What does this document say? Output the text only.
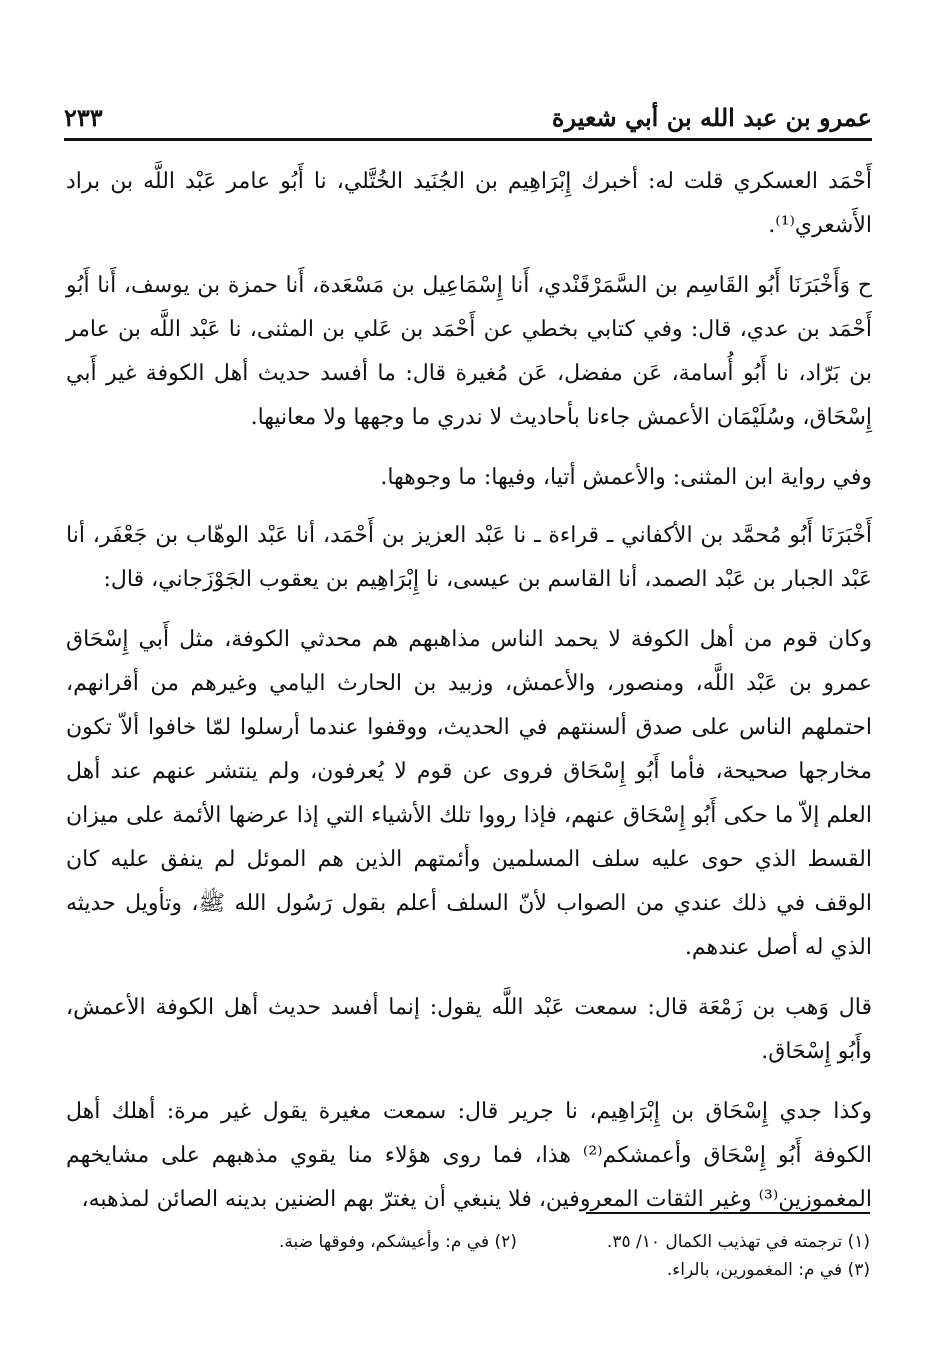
٢٣٣	عمرو بن عبد الله بن أبي شعيرة

أَحْمَد العسكري قلت له: أخبرك إِبْرَاهِيم بن الجُنَيد الخُتَّلي، نا أَبُو عامر عَبْد اللَّه بن براد الأَشعري⁽¹⁾.

ح وَأَخْبَرَنَا أَبُو القَاسِم بن السَّمَرْقَنْدي، أَنا إِسْمَاعِيل بن مَسْعَدة، أَنا حمزة بن يوسف، أَنا أَبُو أَحْمَد بن عدي، قال: وفي كتابي بخطي عن أَحْمَد بن عَلي بن المثنى، نا عَبْد اللَّه بن عامر بن بَرّاد، نا أَبُو أُسامة، عَن مفضل، عَن مُغيرة قال: ما أفسد حديث أهل الكوفة غير أَبي إِسْحَاق، وسُلَيْمَان الأعمش جاءنا بأحاديث لا ندري ما وجهها ولا معانيها.

وفي رواية ابن المثنى: والأعمش أتيا، وفيها: ما وجوهها.

أَخْبَرَنَا أَبُو مُحمَّد بن الأكفاني ـ قراءة ـ نا عَبْد العزيز بن أَحْمَد، أنا عَبْد الوهّاب بن جَعْفَر، أنا عَبْد الجبار بن عَبْد الصمد، أنا القاسم بن عيسى، نا إِبْرَاهِيم بن يعقوب الجَوْزَجاني، قال:

وكان قوم من أهل الكوفة لا يحمد الناس مذاهبهم هم محدثي الكوفة، مثل أَبي إِسْحَاق عمرو بن عَبْد اللَّه، ومنصور، والأعمش، وزبيد بن الحارث اليامي وغيرهم من أقرانهم، احتملهم الناس على صدق ألسنتهم في الحديث، ووقفوا عندما أرسلوا لمّا خافوا ألاّ تكون مخارجها صحيحة، فأما أَبُو إِسْحَاق فروى عن قوم لا يُعرفون، ولم ينتشر عنهم عند أهل العلم إلاّ ما حكى أَبُو إِسْحَاق عنهم، فإذا رووا تلك الأشياء التي إذا عرضها الأئمة على ميزان القسط الذي حوى عليه سلف المسلمين وأئمتهم الذين هم الموئل لم ينفق عليه كان الوقف في ذلك عندي من الصواب لأنّ السلف أعلم بقول رَسُول الله ﷺ، وتأويل حديثه الذي له أصل عندهم.

قال وَهب بن زَمْعَة قال: سمعت عَبْد اللَّه يقول: إنما أفسد حديث أهل الكوفة الأعمش، وأَبُو إِسْحَاق.

وكذا جدي إِسْحَاق بن إِبْرَاهِيم، نا جرير قال: سمعت مغيرة يقول غير مرة: أهلك أهل الكوفة أَبُو إِسْحَاق وأعمشكم⁽²⁾ هذا، فما روى هؤلاء منا يقوي مذهبهم على مشايخهم المغموزين⁽³⁾ وغير الثقات المعروفين، فلا ينبغي أن يغترّ بهم الضنين بدينه الصائن لمذهبه،

(١) ترجمته في تهذيب الكمال ١٠/ ٣٥.
(٢) في م: وأعيشكم، وفوقها ضبة.
(٣) في م: المغمورين، بالراء.
